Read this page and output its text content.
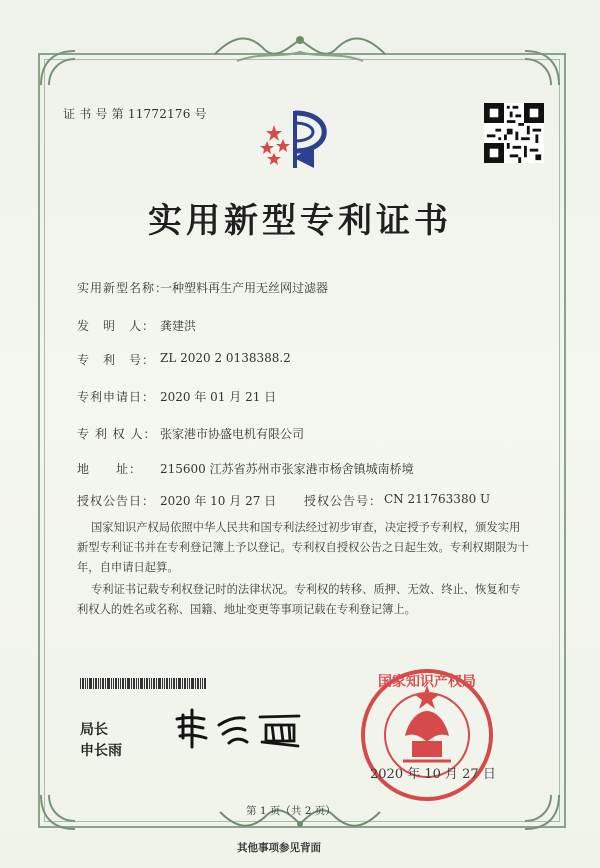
证 书 号 第 11772176 号
实用新型专利证书
实用新型名称：
一种塑料再生产用无丝网过滤器
发　明　人： 龚建洪
专　利　号： ZL 2020 2 0138388.2
专利申请日： 2020 年 01 月 21 日
专 利 权 人： 张家港市协盛电机有限公司
地　　址： 215600 江苏省苏州市张家港市杨舍镇城南桥境
授权公告日： 2020 年 10 月 27 日 授权公告号： CN 211763380 U
国家知识产权局依照中华人民共和国专利法经过初步审查，决定授予专利权，颁发实用
新型专利证书并在专利登记簿上予以登记。专利权自授权公告之日起生效。专利权期限为十
年，自申请日起算。
专利证书记载专利权登记时的法律状况。专利权的转移、质押、无效、终止、恢复和专
利权人的姓名或名称、国籍、地址变更等事项记载在专利登记簿上。
局长
申长雨
国家知识产权局
2020 年 10 月 27 日
第 1 页（共 2 页）
其他事项参见背面
